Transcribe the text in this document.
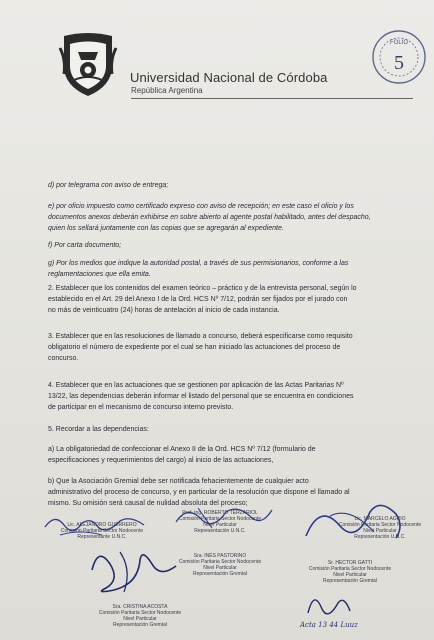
Universidad Nacional de Córdoba
República Argentina
FOLIO
5
d) por telegrama con aviso de entrega;
e) por oficio impuesto como certificado expreso con aviso de recepción; en este caso el oficio y los
documentos anexos deberán exhibirse en sobre abierto al agente postal habilitado, antes del despacho,
quien los sellará juntamente con las copias que se agregarán al expediente.
f) Por carta documento;
g) Por los medios que indique la autoridad postal, a través de sus permisionarios, conforme a las
reglamentaciones que ella emita.
2. Establecer que los contenidos del examen teórico – práctico y de la entrevista personal, según lo
establecido en el Art. 29 del Anexo I de la Ord. HCS Nº 7/12, podrán ser fijados por el jurado con
no más de veinticuatro (24) horas de antelación al inicio de cada instancia.
3. Establecer que en las resoluciones de llamado a concurso, deberá especificarse como requisito
obligatorio el número de expediente por el cual se han iniciado las actuaciones del proceso de
concurso.
4. Establecer que en las actuaciones que se gestionen por aplicación de las Actas Paritarias Nº
13/22, las dependencias deberán informar el listado del personal que se encuentra en condiciones
de participar en el mecanismo de concurso interno previsto.
5. Recordar a las dependencias:
a) La obligatoriedad de confeccionar el Anexo II de la Ord. HCS Nº 7/12 (formulario de
especificaciones y requerimientos del cargo) al inicio de las actuaciones,
b) Que la Asociación Gremial debe ser notificada fehacientemente de cualquier acto
administrativo del proceso de concurso, y en particular de la resolución que dispone el llamado al
mismo. Su omisión será causal de nulidad absoluta del proceso;
Lic. ALEJANDRO GUERRERO
Comisión Paritaria Sector Nodocente
Representante U.N.C.
Prof. Ing. ROBERTO TERZARIOL
Comisión Paritaria Sector Nodocente
Nivel Particular
Representación U.N.C.
Lic. MARCELO AGRIO
Comisión Paritaria Sector Nodocente
Nivel Particular
Representación U.N.C.
Sra. INÉS PASTORINO
Comisión Paritaria Sector Nodocente
Nivel Particular
Representación Gremial
Sr. HECTOR GATTI
Comisión Paritaria Sector Nodocente
Nivel Particular
Representación Gremial
Sra. CRISTINA ACOSTA
Comisión Paritaria Sector Nodocente
Nivel Particular
Representación Gremial	Acta 13 44 Luuz
